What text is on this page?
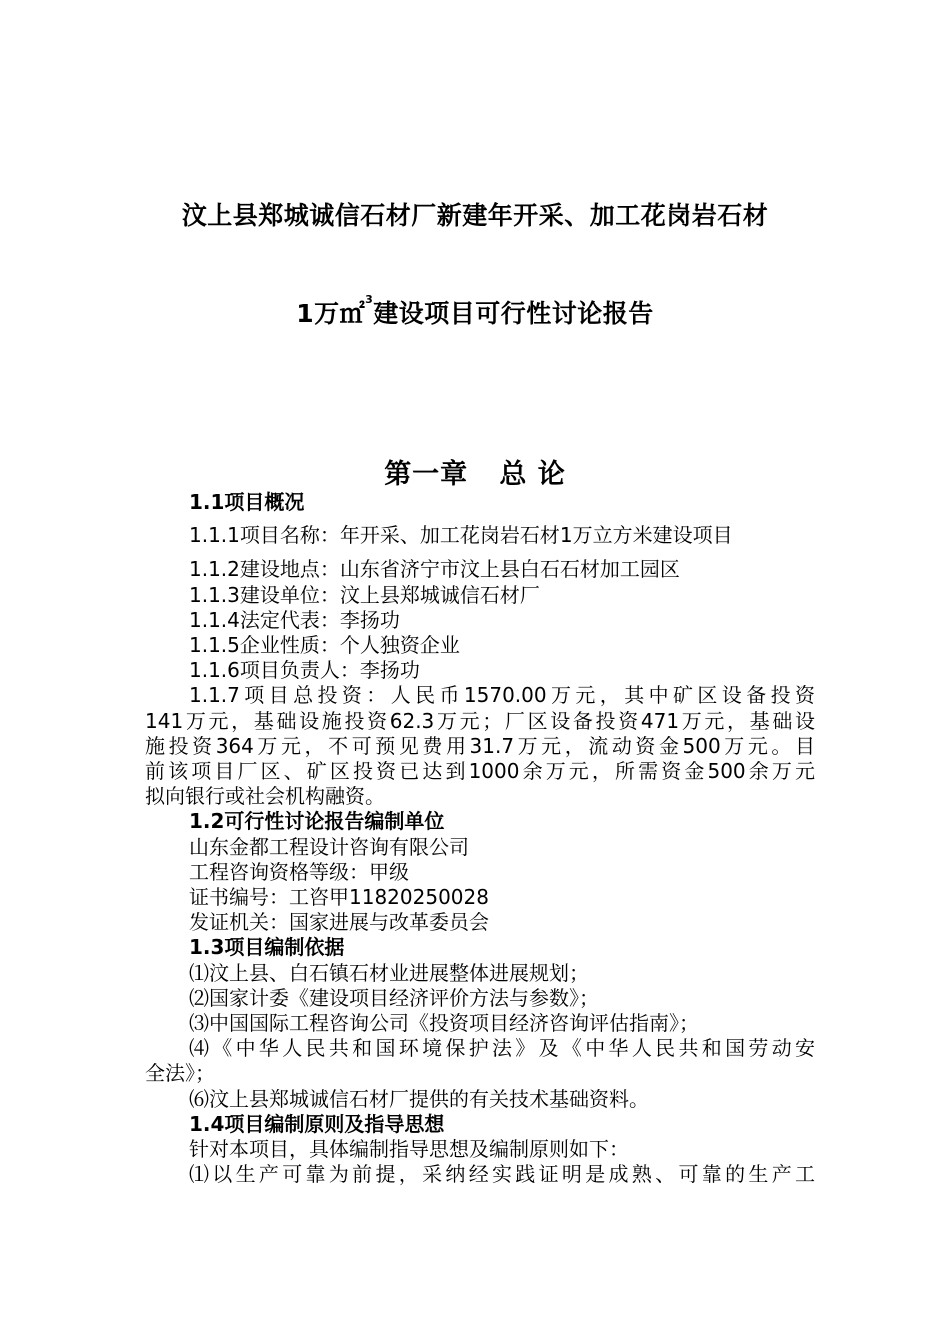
汶上县郑城诚信石材厂新建年开采、加工花岗岩石材
1万㎡$^3$建设项目可行性讨论报告
第一章   总 论

1.1项目概况

1.1.1项目名称：年开采、加工花岗岩石材1万立方米建设项目

1.1.2建设地点：山东省济宁市汶上县白石石材加工园区

1.1.3建设单位：汶上县郑城诚信石材厂

1.1.4法定代表：李扬功

1.1.5企业性质：个人独资企业

1.1.6项目负责人：李扬功

1.1.7项目总投资：人民币1570.00万元，其中矿区设备投资

141万元，基础设施投资62.3万元；厂区设备投资471万元，基础设

施投资364万元，不可预见费用31.7万元，流动资金500万元。目

前该项目厂区、矿区投资已达到1000余万元，所需资金500余万元

拟向银行或社会机构融资。

1.2可行性讨论报告编制单位

山东金都工程设计咨询有限公司

工程咨询资格等级：甲级

证书编号：工咨甲11820250028

发证机关：国家进展与改革委员会

1.3项目编制依据

⑴汶上县、白石镇石材业进展整体进展规划；

⑵国家计委《建设项目经济评价方法与参数》；

⑶中国国际工程咨询公司《投资项目经济咨询评估指南》；

⑷《中华人民共和国环境保护法》及《中华人民共和国劳动安

全法》；

⑹汶上县郑城诚信石材厂提供的有关技术基础资料。

1.4项目编制原则及指导思想

针对本项目，具体编制指导思想及编制原则如下：

⑴以生产可靠为前提，采纳经实践证明是成熟、可靠的生产工
